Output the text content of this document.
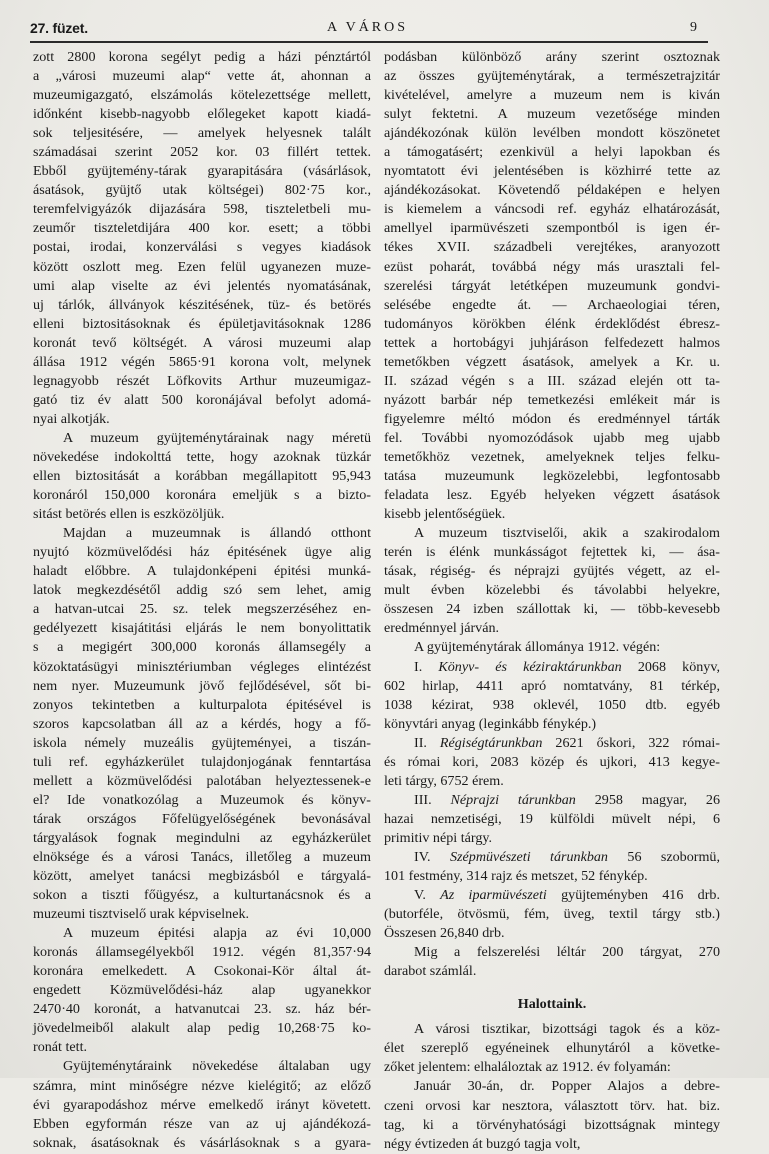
27. füzet.	A VÁROS	9
zott 2800 korona segélyt pedig a házi pénztártól
a „városi muzeumi alap“ vette át, ahonnan a
muzeumigazgató, elszámolás kötelezettsége mellett,
időnként kisebb-nagyobb előlegeket kapott kiadá-
sok teljesitésére, — amelyek helyesnek talált
számadásai szerint 2052 kor. 03 fillért tettek.
Ebből gyüjtemény-tárak gyarapitására (vásárlások,
ásatások, gyüjtő utak költségei) 802·75 kor.,
teremfelvigyázók dijazására 598, tiszteletbeli mu-
zeumőr tiszteletdijára 400 kor. esett; a többi
postai, irodai, konzerválási s vegyes kiadások
között oszlott meg. Ezen felül ugyanezen muze-
umi alap viselte az évi jelentés nyomatásának,
uj tárlók, állványok készitésének, tüz- és betörés
elleni biztositásoknak és épületjavitásoknak 1286
koronát tevő költségét. A városi muzeumi alap
állása 1912 végén 5865·91 korona volt, melynek
legnagyobb részét Löfkovits Arthur muzeumigaz-
gató tiz év alatt 500 koronájával befolyt adomá-
nyai alkotják.
A muzeum gyüjteménytárainak nagy méretü
növekedése indokolttá tette, hogy azoknak tüzkár
ellen biztositását a korábban megállapitott 95,943
koronáról 150,000 koronára emeljük s a bizto-
sitást betörés ellen is eszközöljük.
Majdan a muzeumnak is állandó otthont
nyujtó közmüvelődési ház épitésének ügye alig
haladt előbbre. A tulajdonképeni épitési munká-
latok megkezdésétől addig szó sem lehet, amig
a hatvan-utcai 25. sz. telek megszerzéséhez en-
gedélyezett kisajátitási eljárás le nem bonyolittatik
s a megigért 300,000 koronás államsegély a
közoktatásügyi minisztériumban végleges elintézést
nem nyer. Muzeumunk jövő fejlődésével, sőt bi-
zonyos tekintetben a kulturpalota épitésével is
szoros kapcsolatban áll az a kérdés, hogy a fő-
iskola némely muzeális gyüjteményei, a tiszán-
tuli ref. egyházkerület tulajdonjogának fenntartása
mellett a közmüvelődési palotában helyeztessenek-e
el? Ide vonatkozólag a Muzeumok és könyv-
tárak országos Főfelügyelőségének bevonásával
tárgyalások fognak megindulni az egyházkerület
elnöksége és a városi Tanács, illetőleg a muzeum
között, amelyet tanácsi megbizásból e tárgyalá-
sokon a tiszti főügyész, a kulturtanácsnok és a
muzeumi tisztviselő urak képviselnek.
A muzeum épitési alapja az évi 10,000
koronás államsegélyekből 1912. végén 81,357·94
koronára emelkedett. A Csokonai-Kör által át-
engedett Közmüvelődési-ház alap ugyanekkor
2470·40 koronát, a hatvanutcai 23. sz. ház bér-
jövedelmeiből alakult alap pedig 10,268·75 ko-
ronát tett.
Gyüjteménytáraink növekedése általaban ugy
számra, mint minőségre nézve kielégitő; az előző
évi gyarapodáshoz mérve emelkedő irányt követett.
Ebben egyformán része van az uj ajándékozá-
soknak, ásatásoknak és vásárlásoknak s a gyara-
podásban különböző arány szerint osztoznak
az összes gyüjteménytárak, a természetrajzitár
kivételével, amelyre a muzeum nem is kiván
sulyt fektetni. A muzeum vezetősége minden
ajándékozónak külön levélben mondott köszönetet
a támogatásért; ezenkivül a helyi lapokban és
nyomtatott évi jelentésében is közhirré tette az
ajándékozásokat. Követendő példaképen e helyen
is kiemelem a váncsodi ref. egyház elhatározását,
amellyel iparmüvészeti szempontból is igen ér-
tékes XVII. századbeli verejtékes, aranyozott
ezüst poharát, továbbá négy más urasztali fel-
szerelési tárgyát letétképen muzeumunk gondvi-
selésébe engedte át. — Archaeologiai téren,
tudományos körökben élénk érdeklődést ébresz-
tettek a hortobágyi juhjáráson felfedezett halmos
temetőkben végzett ásatások, amelyek a Kr. u.
II. század végén s a III. század elején ott ta-
nyázott barbár nép temetkezési emlékeit már is
figyelemre méltó módon és eredménnyel tárták
fel. További nyomozódások ujabb meg ujabb
temetőkhöz vezetnek, amelyeknek teljes felku-
tatása muzeumunk legközelebbi, legfontosabb
feladata lesz. Egyéb helyeken végzett ásatások
kisebb jelentőségüek.
A muzeum tisztviselői, akik a szakirodalom
terén is élénk munkásságot fejtettek ki, — ása-
tásak, régiség- és néprajzi gyüjtés végett, az el-
mult évben közelebbi és távolabbi helyekre,
összesen 24 izben szállottak ki, — több-kevesebb
eredménnyel járván.
A gyüjteménytárak állománya 1912. végén:
I. Könyv- és kéziraktárunkban 2068 könyv,
602 hirlap, 4411 apró nomtatvány, 81 térkép,
1038 kézirat, 938 oklevél, 1050 dtb. egyéb
könyvtári anyag (leginkább fénykép.)
II. Régiségtárunkban 2621 őskori, 322 római-
és római kori, 2083 közép és ujkori, 413 kegye-
leti tárgy, 6752 érem.
III. Néprajzi tárunkban 2958 magyar, 26
hazai nemzetiségi, 19 külföldi müvelt népi, 6
primitiv népi tárgy.
IV. Szépmüvészeti tárunkban 56 szobormü,
101 festmény, 314 rajz és metszet, 52 fénykép.
V. Az iparmüvészeti gyüjteményben 416 drb.
(butorféle, ötvösmü, fém, üveg, textil tárgy stb.)
Összesen 26,840 drb.
Mig a felszerelési léltár 200 tárgyat, 270
darabot számlál.
Halottaink.
A városi tisztikar, bizottsági tagok és a köz-
élet szereplő egyéneinek elhunytáról a követke-
zőket jelentem: elhaláloztak az 1912. év folyamán:
Január 30-án, dr. Popper Alajos a debre-
czeni orvosi kar nesztora, választott törv. hat. biz.
tag, ki a törvényhatósági bizottságnak mintegy
négy évtizeden át buzgó tagja volt,
